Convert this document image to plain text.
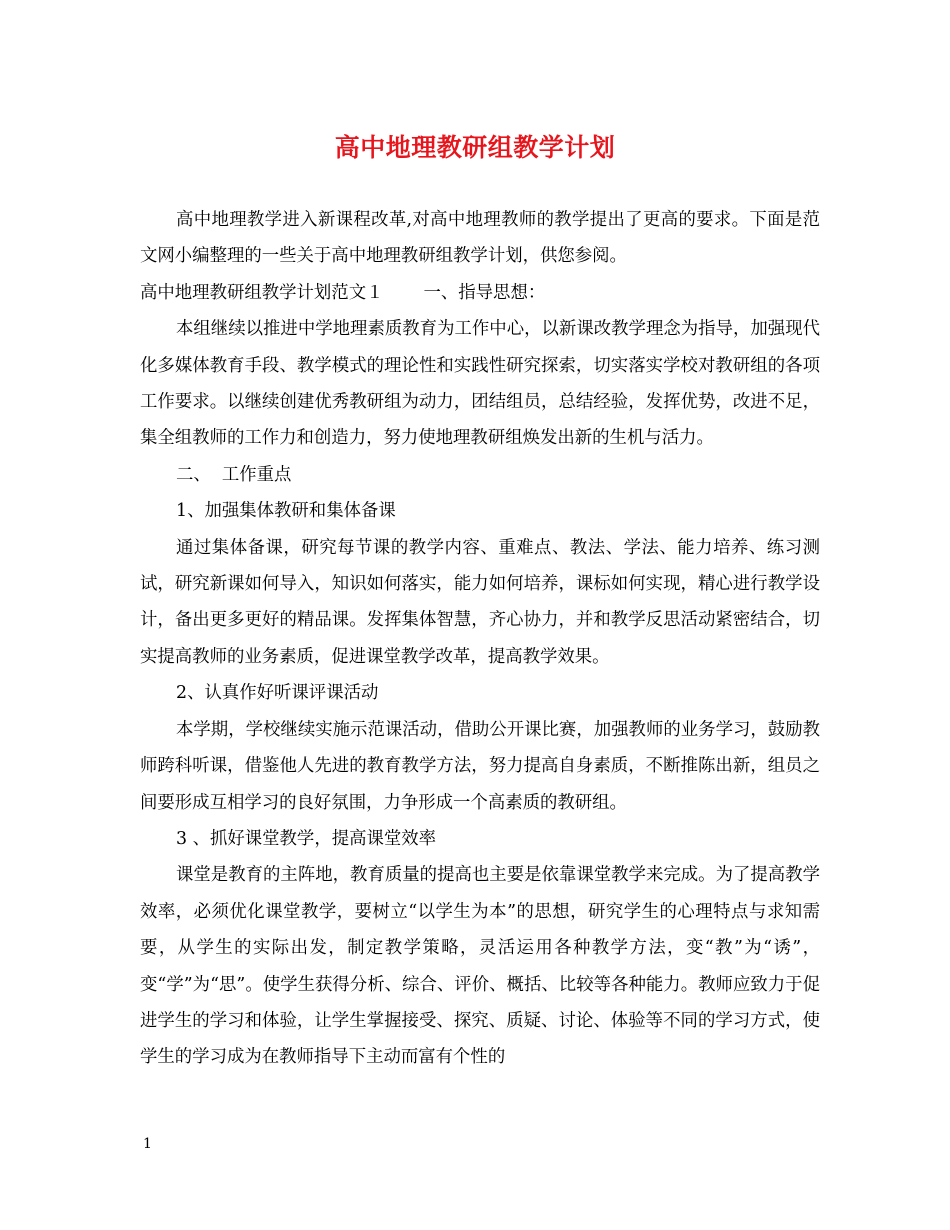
高中地理教研组教学计划

高中地理教学进入新课程改革,对高中地理教师的教学提出了更高的要求。下面是范文网小编整理的一些关于高中地理教研组教学计划，供您参阅。

高中地理教研组教学计划范文１ 一、指导思想：

本组继续以推进中学地理素质教育为工作中心，以新课改教学理念为指导，加强现代化多媒体教育手段、教学模式的理论性和实践性研究探索，切实落实学校对教研组的各项工作要求。以继续创建优秀教研组为动力，团结组员，总结经验，发挥优势，改进不足，集全组教师的工作力和创造力，努力使地理教研组焕发出新的生机与活力。

二、  工作重点

1、加强集体教研和集体备课

通过集体备课，研究每节课的教学内容、重难点、教法、学法、能力培养、练习测试，研究新课如何导入，知识如何落实，能力如何培养，课标如何实现，精心进行教学设计，备出更多更好的精品课。发挥集体智慧，齐心协力，并和教学反思活动紧密结合，切实提高教师的业务素质，促进课堂教学改革，提高教学效果。

2、认真作好听课评课活动

本学期，学校继续实施示范课活动，借助公开课比赛，加强教师的业务学习，鼓励教师跨科听课，借鉴他人先进的教育教学方法，努力提高自身素质，不断推陈出新，组员之间要形成互相学习的良好氛围，力争形成一个高素质的教研组。

3 、抓好课堂教学，提高课堂效率

课堂是教育的主阵地，教育质量的提高也主要是依靠课堂教学来完成。为了提高教学效率，必须优化课堂教学，要树立“以学生为本”的思想，研究学生的心理特点与求知需要，从学生的实际出发，制定教学策略，灵活运用各种教学方法，变“教”为“诱”，变“学”为“思”。使学生获得分析、综合、评价、概括、比较等各种能力。教师应致力于促进学生的学习和体验，让学生掌握接受、探究、质疑、讨论、体验等不同的学习方式，使学生的学习成为在教师指导下主动而富有个性的

1
